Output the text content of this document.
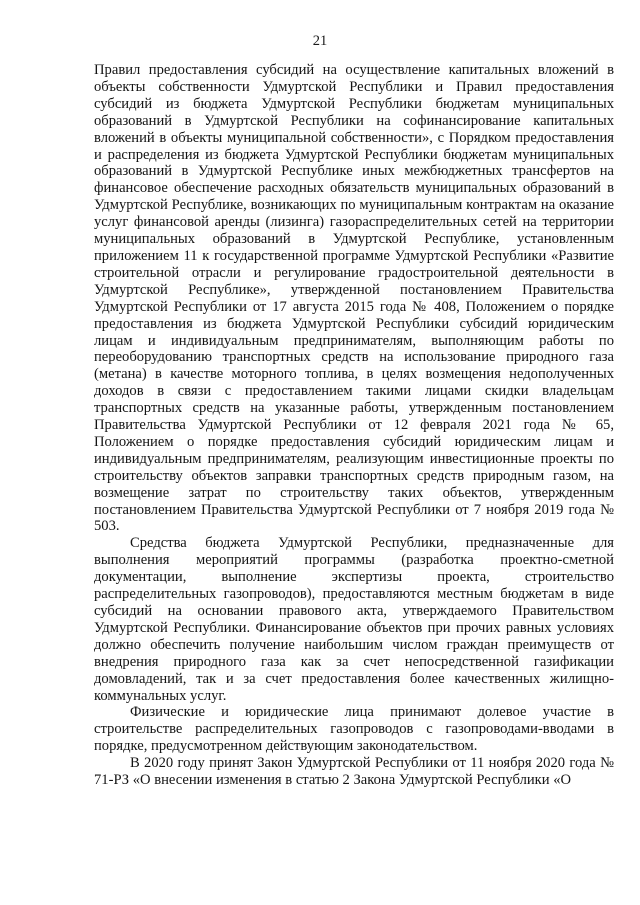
21

Правил предоставления субсидий на осуществление капитальных вложений в объекты собственности Удмуртской Республики и Правил предоставления субсидий из бюджета Удмуртской Республики бюджетам муниципальных образований в Удмуртской Республики на софинансирование капитальных вложений в объекты муниципальной собственности», с Порядком предоставления и распределения из бюджета Удмуртской Республики бюджетам муниципальных образований в Удмуртской Республике иных межбюджетных трансфертов на финансовое обеспечение расходных обязательств муниципальных образований в Удмуртской Республике, возникающих по муниципальным контрактам на оказание услуг финансовой аренды (лизинга) газораспределительных сетей на территории муниципальных образований в Удмуртской Республике, установленным приложением 11 к государственной программе Удмуртской Республики «Развитие строительной отрасли и регулирование градостроительной деятельности в Удмуртской Республике», утвержденной постановлением Правительства Удмуртской Республики от 17 августа 2015 года № 408, Положением о порядке предоставления из бюджета Удмуртской Республики субсидий юридическим лицам и индивидуальным предпринимателям, выполняющим работы по переоборудованию транспортных средств на использование природного газа (метана) в качестве моторного топлива, в целях возмещения недополученных доходов в связи с предоставлением такими лицами скидки владельцам транспортных средств на указанные работы, утвержденным постановлением Правительства Удмуртской Республики от 12 февраля 2021 года № 65, Положением о порядке предоставления субсидий юридическим лицам и индивидуальным предпринимателям, реализующим инвестиционные проекты по строительству объектов заправки транспортных средств природным газом, на возмещение затрат по строительству таких объектов, утвержденным постановлением Правительства Удмуртской Республики от 7 ноября 2019 года № 503.

Средства бюджета Удмуртской Республики, предназначенные для выполнения мероприятий программы (разработка проектно-сметной документации, выполнение экспертизы проекта, строительство распределительных газопроводов), предоставляются местным бюджетам в виде субсидий на основании правового акта, утверждаемого Правительством Удмуртской Республики. Финансирование объектов при прочих равных условиях должно обеспечить получение наибольшим числом граждан преимуществ от внедрения природного газа как за счет непосредственной газификации домовладений, так и за счет предоставления более качественных жилищно-коммунальных услуг.

Физические и юридические лица принимают долевое участие в строительстве распределительных газопроводов с газопроводами-вводами в порядке, предусмотренном действующим законодательством.

В 2020 году принят Закон Удмуртской Республики от 11 ноября 2020 года № 71-РЗ «О внесении изменения в статью 2 Закона Удмуртской Республики «О
